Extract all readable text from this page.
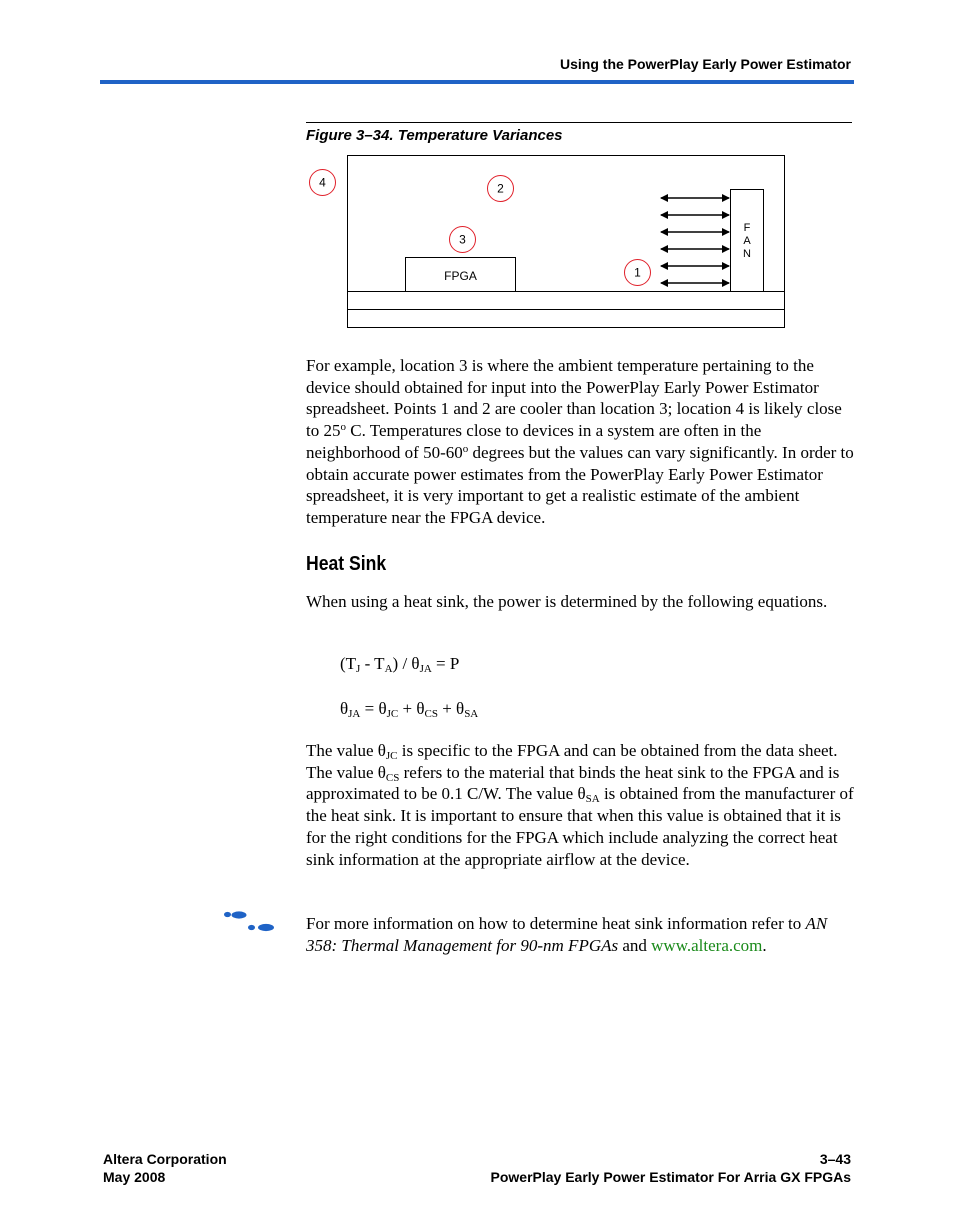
Using the PowerPlay Early Power Estimator
Figure 3–34. Temperature Variances
FPGA
F
A
N
1
2
3
4
For example, location 3 is where the ambient temperature pertaining to the device should obtained for input into the PowerPlay Early Power Estimator spreadsheet. Points 1 and 2 are cooler than location 3; location 4 is likely close to 25$^o$ C. Temperatures close to devices in a system are often in the neighborhood of 50-60$^o$ degrees but the values can vary significantly. In order to obtain accurate power estimates from the PowerPlay Early Power Estimator spreadsheet, it is very important to get a realistic estimate of the ambient temperature near the FPGA device.
Heat Sink
When using a heat sink, the power is determined by the following equations.
$(T_J - T_A) / \theta_{JA} = P$
$\theta_{JA} = \theta_{JC} + \theta_{CS} + \theta_{SA}$
The value $\theta_{JC}$ is specific to the FPGA and can be obtained from the data sheet. The value $\theta_{CS}$ refers to the material that binds the heat sink to the FPGA and is approximated to be 0.1 C/W. The value $\theta_{SA}$ is obtained from the manufacturer of the heat sink. It is important to ensure that when this value is obtained that it is for the right conditions for the FPGA which include analyzing the correct heat sink information at the appropriate airflow at the device.
For more information on how to determine heat sink information refer to AN 358: Thermal Management for 90-nm FPGAs and www.altera.com.
Altera Corporation
May 2008
3–43
PowerPlay Early Power Estimator For Arria GX FPGAs
